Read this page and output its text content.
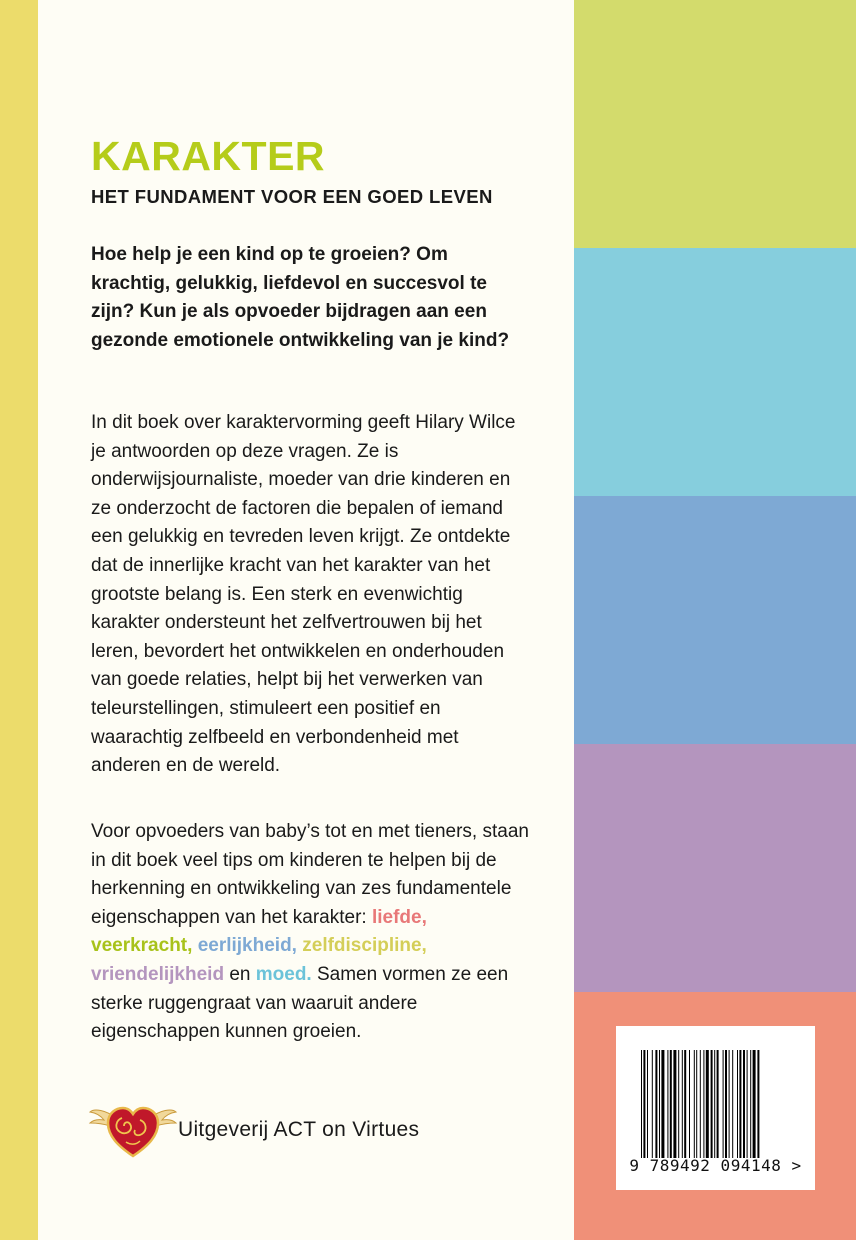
KARAKTER
HET FUNDAMENT VOOR EEN GOED LEVEN

Hoe help je een kind op te groeien? Om krachtig, gelukkig, liefdevol en succesvol te zijn? Kun je als opvoeder bijdragen aan een gezonde emotionele ontwikkeling van je kind?

In dit boek over karaktervorming geeft Hilary Wilce je antwoorden op deze vragen. Ze is onderwijsjournaliste, moeder van drie kinderen en ze onderzocht de factoren die bepalen of iemand een gelukkig en tevreden leven krijgt. Ze ontdekte dat de innerlijke kracht van het karakter van het grootste belang is. Een sterk en evenwichtig karakter ondersteunt het zelfvertrouwen bij het leren, bevordert het ontwikkelen en onderhouden van goede relaties, helpt bij het verwerken van teleurstellingen, stimuleert een positief en waarachtig zelfbeeld en verbondenheid met anderen en de wereld.

Voor opvoeders van baby’s tot en met tieners, staan in dit boek veel tips om kinderen te helpen bij de herkenning en ontwikkeling van zes fundamentele eigenschappen van het karakter: liefde, veerkracht, eerlijkheid, zelfdiscipline, vriendelijkheid en moed. Samen vormen ze een sterke ruggengraat van waaruit andere eigenschappen kunnen groeien.

Uitgeverij ACT on Virtues
9 789492 094148 >
